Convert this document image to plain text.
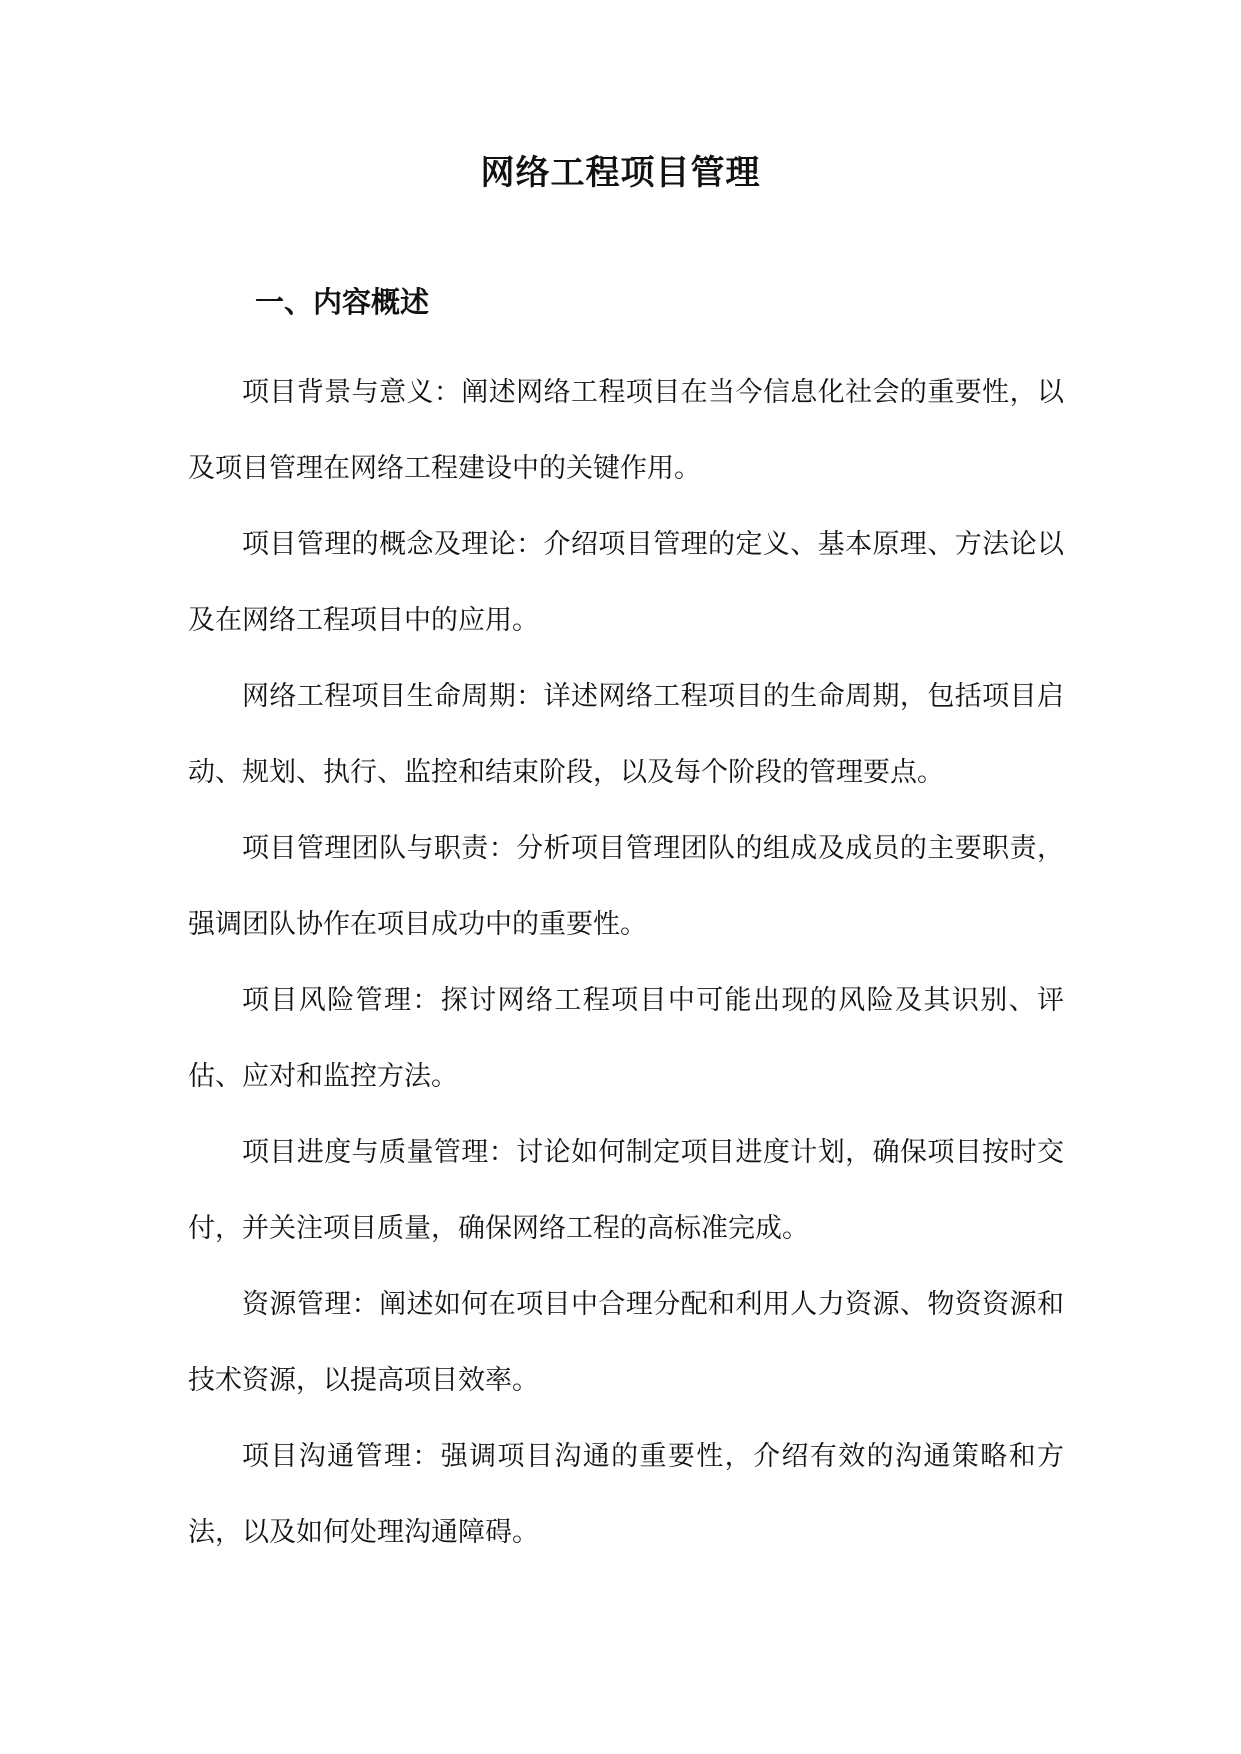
网络工程项目管理
一、内容概述

项目背景与意义：阐述网络工程项目在当今信息化社会的重要性，以及项目管理在网络工程建设中的关键作用。

项目管理的概念及理论：介绍项目管理的定义、基本原理、方法论以及在网络工程项目中的应用。

网络工程项目生命周期：详述网络工程项目的生命周期，包括项目启动、规划、执行、监控和结束阶段，以及每个阶段的管理要点。

项目管理团队与职责：分析项目管理团队的组成及成员的主要职责，强调团队协作在项目成功中的重要性。

项目风险管理：探讨网络工程项目中可能出现的风险及其识别、评估、应对和监控方法。

项目进度与质量管理：讨论如何制定项目进度计划，确保项目按时交付，并关注项目质量，确保网络工程的高标准完成。

资源管理：阐述如何在项目中合理分配和利用人力资源、物资资源和技术资源，以提高项目效率。

项目沟通管理：强调项目沟通的重要性，介绍有效的沟通策略和方法，以及如何处理沟通障碍。
